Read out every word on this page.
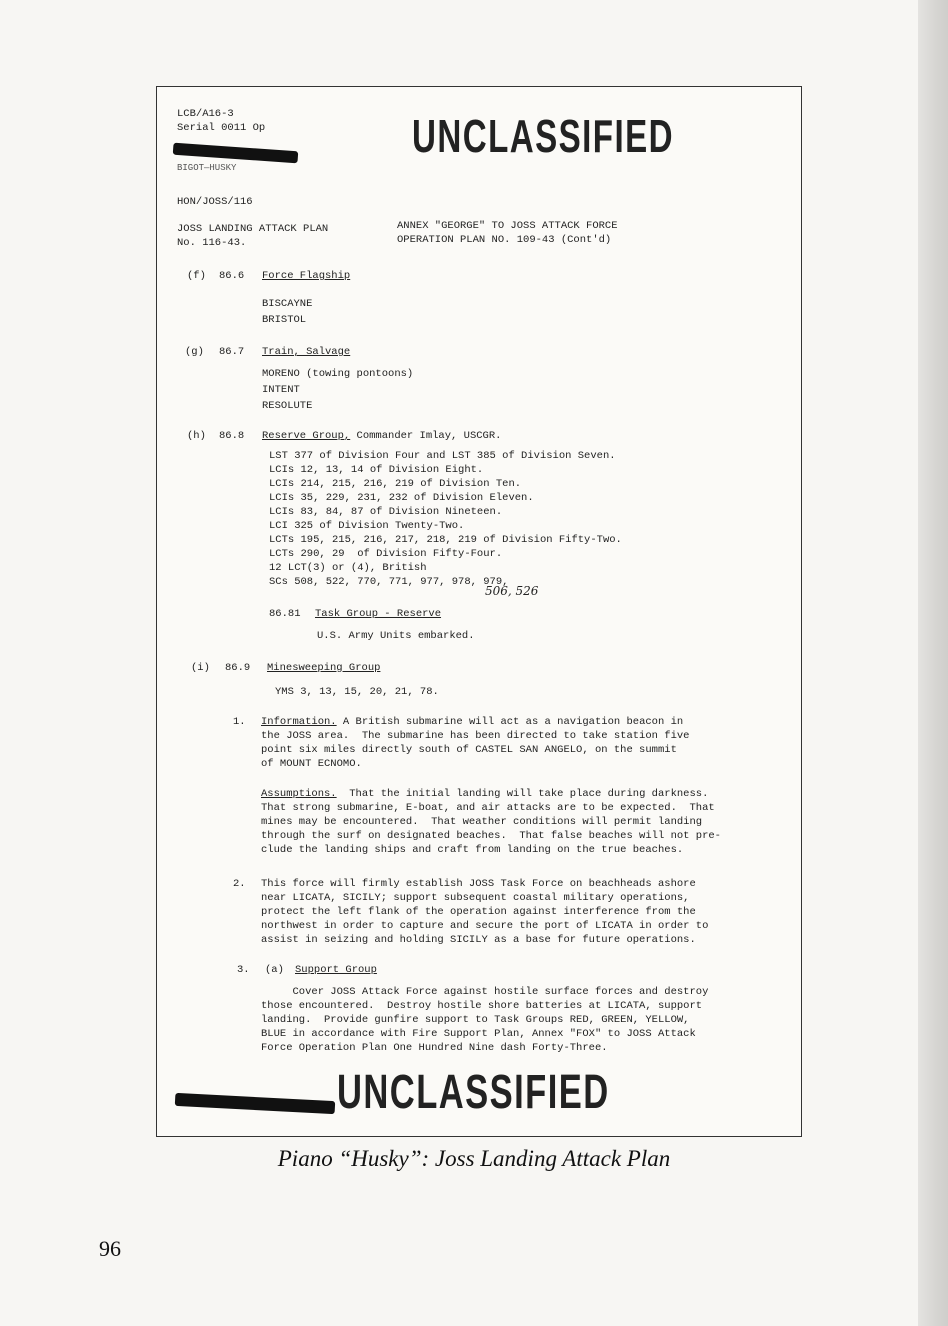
LCB/A16-3
Serial 0011 Op
BIGOT—HUSKY
UNCLASSIFIED
HON/JOSS/116
JOSS LANDING ATTACK PLAN
No. 116-43.
ANNEX "GEORGE" TO JOSS ATTACK FORCE
OPERATION PLAN NO. 109-43 (Cont'd)
(f) 86.6 Force Flagship
BISCAYNE
BRISTOL
(g) 86.7 Train, Salvage
MORENO (towing pontoons)
INTENT
RESOLUTE
(h) 86.8 Reserve Group, Commander Imlay, USCGR.
LST 377 of Division Four and LST 385 of Division Seven.
LCIs 12, 13, 14 of Division Eight.
LCIs 214, 215, 216, 219 of Division Ten.
LCIs 35, 229, 231, 232 of Division Eleven.
LCIs 83, 84, 87 of Division Nineteen.
LCI 325 of Division Twenty-Two.
LCTs 195, 215, 216, 217, 218, 219 of Division Fifty-Two.
LCTs 290, 29  of Division Fifty-Four.
12 LCT(3) or (4), British
SCs 508, 522, 770, 771, 977, 978, 979,
506, 526
86.81 Task Group - Reserve
U.S. Army Units embarked.
(i) 86.9 Minesweeping Group
YMS 3, 13, 15, 20, 21, 78.
1. Information. A British submarine will act as a navigation beacon in
the JOSS area.  The submarine has been directed to take station five
point six miles directly south of CASTEL SAN ANGELO, on the summit
of MOUNT ECNOMO.
Assumptions.  That the initial landing will take place during darkness.
That strong submarine, E-boat, and air attacks are to be expected.  That
mines may be encountered.  That weather conditions will permit landing
through the surf on designated beaches.  That false beaches will not pre-
clude the landing ships and craft from landing on the true beaches.
2. This force will firmly establish JOSS Task Force on beachheads ashore
near LICATA, SICILY; support subsequent coastal military operations,
protect the left flank of the operation against interference from the
northwest in order to capture and secure the port of LICATA in order to
assist in seizing and holding SICILY as a base for future operations.
3. (a) Support Group
Cover JOSS Attack Force against hostile surface forces and destroy
those encountered.  Destroy hostile shore batteries at LICATA, support
landing.  Provide gunfire support to Task Groups RED, GREEN, YELLOW,
BLUE in accordance with Fire Support Plan, Annex "FOX" to JOSS Attack
Force Operation Plan One Hundred Nine dash Forty-Three.
UNCLASSIFIED
Piano “Husky”: Joss Landing Attack Plan
96
